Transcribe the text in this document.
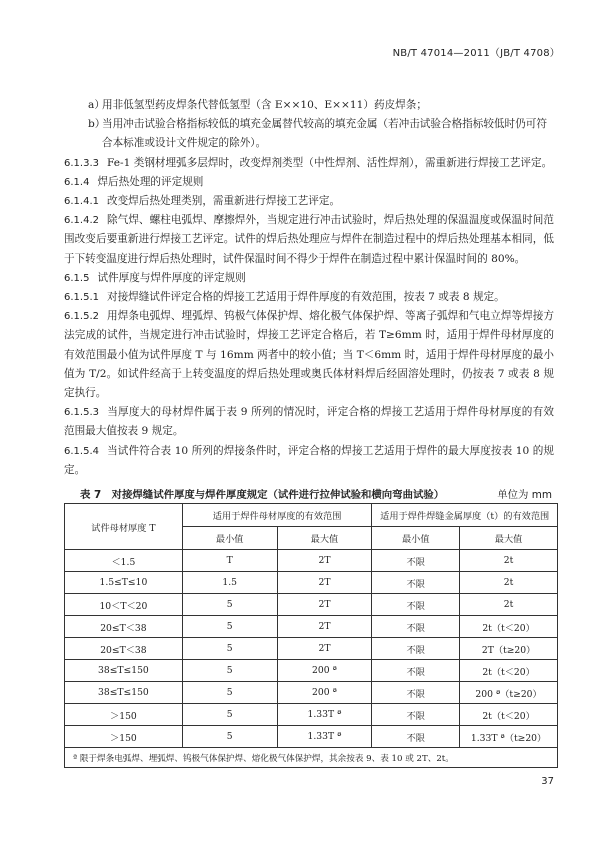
NB/T 47014—2011（JB/T 4708）

a）
用非低氢型药皮焊条代替低氢型（含 E××10、E××11）药皮焊条；

b）
当用冲击试验合格指标较低的填充金属替代较高的填充金属（若冲击试验合格指标较低时仍可符合本标准或设计文件规定的除外）。

6.1.3.3 Fe-1 类钢材埋弧多层焊时，改变焊剂类型（中性焊剂、活性焊剂），需重新进行焊接工艺评定。

6.1.4 焊后热处理的评定规则

6.1.4.1 改变焊后热处理类别，需重新进行焊接工艺评定。

6.1.4.2 除气焊、螺柱电弧焊、摩擦焊外，当规定进行冲击试验时，焊后热处理的保温温度或保温时间范围改变后要重新进行焊接工艺评定。试件的焊后热处理应与焊件在制造过程中的焊后热处理基本相同，低于下转变温度进行焊后热处理时，试件保温时间不得少于焊件在制造过程中累计保温时间的 80%。

6.1.5 试件厚度与焊件厚度的评定规则

6.1.5.1 对接焊缝试件评定合格的焊接工艺适用于焊件厚度的有效范围，按表 7 或表 8 规定。

6.1.5.2 用焊条电弧焊、埋弧焊、钨极气体保护焊、熔化极气体保护焊、等离子弧焊和气电立焊等焊接方法完成的试件，当规定进行冲击试验时，焊接工艺评定合格后，若 T≥6mm 时，适用于焊件母材厚度的有效范围最小值为试件厚度 T 与 16mm 两者中的较小值；当 T＜6mm 时，适用于焊件母材厚度的最小值为 T/2。如试件经高于上转变温度的焊后热处理或奥氏体材料焊后经固溶处理时，仍按表 7 或表 8 规定执行。

6.1.5.3 当厚度大的母材焊件属于表 9 所列的情况时，评定合格的焊接工艺适用于焊件母材厚度的有效范围最大值按表 9 规定。

6.1.5.4 当试件符合表 10 所列的焊接条件时，评定合格的焊接工艺适用于焊件的最大厚度按表 10 的规定。

表 7　对接焊缝试件厚度与焊件厚度规定（试件进行拉伸试验和横向弯曲试验）	单位为 mm
试件母材厚度 T	适用于焊件母材厚度的有效范围		适用于焊件焊缝金属厚度（t）的有效范围	
	最小值	最大值	最小值	最大值
＜1.5	T	2T	不限	2t
1.5≤T≤10	1.5	2T	不限	2t
10＜T＜20	5	2T	不限	2t
20≤T＜38	5	2T	不限	2t（t＜20）
20≤T＜38	5	2T	不限	2T（t≥20）
38≤T≤150	5	200 ª	不限	2t（t＜20）
38≤T≤150	5	200 ª	不限	200 ª（t≥20）
＞150	5	1.33T ª	不限	2t（t＜20）
＞150	5	1.33T ª	不限	1.33T ª（t≥20）
ª 限于焊条电弧焊、埋弧焊、钨极气体保护焊、熔化极气体保护焊，其余按表 9、表 10 或 2T、2t。				
37
